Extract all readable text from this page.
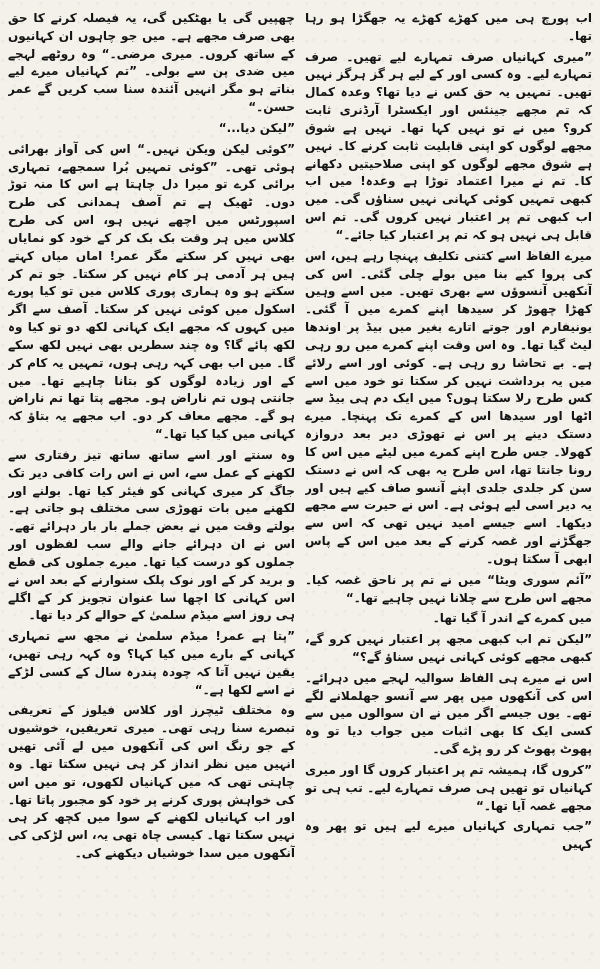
اب پورچ ہی میں کھڑے کھڑے یہ جھگڑا ہو رہا تھا۔

”میری کہانیاں صرف تمہارے لیے تھیں۔ صرف تمہارے لیے۔ وہ کسی اور کے لیے ہر گز ہرگز نہیں تھیں۔ تمہیں یہ حق کس نے دیا تھا؟ وعدہ کمال کہ تم مجھے جینئس اور ایکسٹرا آرڈنری ثابت کرو؟ میں نے تو نہیں کہا تھا۔ نہیں ہے شوق مجھے لوگوں کو اپنی قابلیت ثابت کرنے کا۔ نہیں ہے شوق مجھے لوگوں کو اپنی صلاحیتیں دکھانے کا۔ تم نے میرا اعتماد توڑا ہے وعدہ! میں اب کبھی تمہیں کوئی کہانی نہیں سناؤں گی۔ میں اب کبھی تم پر اعتبار نہیں کروں گی۔ تم اس قابل ہی نہیں ہو کہ تم پر اعتبار کیا جائے۔“

میرے الفاظ اسے کتنی تکلیف پہنچا رہے ہیں، اس کی پروا کیے بنا میں بولے چلی گئی۔ اس کی آنکھیں آنسوؤں سے بھری تھیں۔ میں اسے وہیں کھڑا چھوڑ کر سیدھا اپنے کمرے میں آ گئی۔ یونیفارم اور جوتے اتارے بغیر میں بیڈ پر اوندھا لیٹ گیا تھا۔ وہ اس وقت اپنے کمرے میں رو رہی ہے۔ بے تحاشا رو رہی ہے۔ کوئی اور اسے رلائے میں یہ برداشت نہیں کر سکتا تو خود میں اسے کس طرح رلا سکتا ہوں؟ میں ایک دم ہی بیڈ سے اٹھا اور سیدھا اس کے کمرے تک پہنچا۔ میرے دستک دینے پر اس نے تھوڑی دیر بعد دروازہ کھولا۔ جس طرح اپنے کمرے میں لیٹے میں اس کا رونا جانتا تھا، اس طرح یہ بھی کہ اس نے دستک سن کر جلدی جلدی اپنے آنسو صاف کیے ہیں اور یہ دیر اسی لیے ہوئی ہے۔ اس نے حیرت سے مجھے دیکھا۔ اسے جیسے امید نہیں تھی کہ اس سے جھگڑنے اور غصہ کرنے کے بعد میں اس کے پاس ابھی آ سکتا ہوں۔

”آئم سوری ویٹا“ میں نے تم پر ناحق غصہ کیا۔ مجھے اس طرح سے چلانا نہیں چاہیے تھا۔“

میں کمرے کے اندر آ گیا تھا۔

”لیکن تم اب کبھی مجھ پر اعتبار نہیں کرو گے، کبھی مجھے کوئی کہانی نہیں سناؤ گے؟“

اس نے میرے ہی الفاظ سوالیہ لہجے میں دہرائے۔ اس کی آنکھوں میں پھر سے آنسو جھلملانے لگے تھے۔ یوں جیسے اگر میں نے ان سوالوں میں سے کسی ایک کا بھی اثبات میں جواب دیا تو وہ پھوٹ پھوٹ کر رو پڑے گی۔

”کروں گا، ہمیشہ تم پر اعتبار کروں گا اور میری کہانیاں تو تھیں ہی صرف تمہارے لیے۔ تب ہی تو مجھے غصہ آیا تھا۔“

”جب تمہاری کہانیاں میرے لیے ہیں تو پھر وہ کہیں

چھپیں گی یا بھٹکیں گی، یہ فیصلہ کرنے کا حق بھی صرف مجھے ہے۔ میں جو چاہوں ان کہانیوں کے ساتھ کروں۔ میری مرضی۔“ وہ روٹھے لہجے میں ضدی پن سے بولی۔ ”تم کہانیاں میرے لیے بناتے ہو مگر انہیں آئندہ سنا سب کریں گے عمر حسن۔“

”لیکن دیا...“

”کوئی لیکن ویکن نہیں۔“ اس کی آواز بھرائی ہوئی تھی۔ ”کوئی تمہیں بُرا سمجھے، تمہاری برائی کرے تو میرا دل چاہتا ہے اس کا منہ توڑ دوں۔ ٹھیک ہے تم آصف ہمدانی کی طرح اسپورٹس میں اچھے نہیں ہو، اس کی طرح کلاس میں ہر وقت بک بک کر کے خود کو نمایاں بھی نہیں کر سکتے مگر عمر! اماں میاں کہتے ہیں ہر آدمی ہر کام نہیں کر سکتا۔ جو تم کر سکتے ہو وہ ہماری پوری کلاس میں تو کیا پورے اسکول میں کوئی نہیں کر سکتا۔ آصف سے اگر میں کہوں کہ مجھے ایک کہانی لکھ دو تو کیا وہ لکھ پائے گا؟ وہ چند سطریں بھی نہیں لکھ سکے گا۔ میں اب بھی کہہ رہی ہوں، تمہیں یہ کام کر کے اور زیادہ لوگوں کو بتانا چاہیے تھا۔ میں جانتی ہوں تم ناراض ہو۔ مجھے پتا تھا تم ناراض ہو گے۔ مجھے معاف کر دو۔ اب مجھے یہ بتاؤ کہ کہانی میں کیا کیا تھا۔“

وہ سنتے اور اسے ساتھ ساتھ تیز رفتاری سے لکھنے کے عمل سے، اس نے اس رات کافی دیر تک جاگ کر میری کہانی کو فیئر کیا تھا۔ بولنے اور لکھنے میں بات تھوڑی سی مختلف ہو جاتی ہے۔ بولتے وقت میں نے بعض جملے بار بار دہرائے تھے۔ اس نے ان دہرائے جانے والے سب لفظوں اور جملوں کو درست کیا تھا۔ میرے جملوں کی قطع و برید کر کے اور نوک پلک سنوارنے کے بعد اس نے اس کہانی کا اچھا سا عنوان تجویز کر کے اگلے ہی روز اسے میڈم سلمیٰ کے حوالے کر دیا تھا۔

”پتا ہے عمر! میڈم سلمیٰ نے مجھ سے تمہاری کہانی کے بارے میں کیا کہا؟ وہ کہہ رہی تھیں، یقین نہیں آتا کہ چودہ پندرہ سال کے کسی لڑکے نے اسے لکھا ہے۔“

وہ مختلف ٹیچرز اور کلاس فیلوز کے تعریفی تبصرے سنا رہی تھی۔ میری تعریفیں، خوشیوں کے جو رنگ اس کی آنکھوں میں لے آئی تھیں انہیں میں نظر انداز کر ہی نہیں سکتا تھا۔ وہ چاہتی تھی کہ میں کہانیاں لکھوں، تو میں اس کی خواہش پوری کرنے پر خود کو مجبور پاتا تھا۔ اور اب کہانیاں لکھنے کے سوا میں کچھ کر ہی نہیں سکتا تھا۔ کیسی چاہ تھی یہ، اس لڑکی کی آنکھوں میں سدا خوشیاں دیکھنے کی۔
